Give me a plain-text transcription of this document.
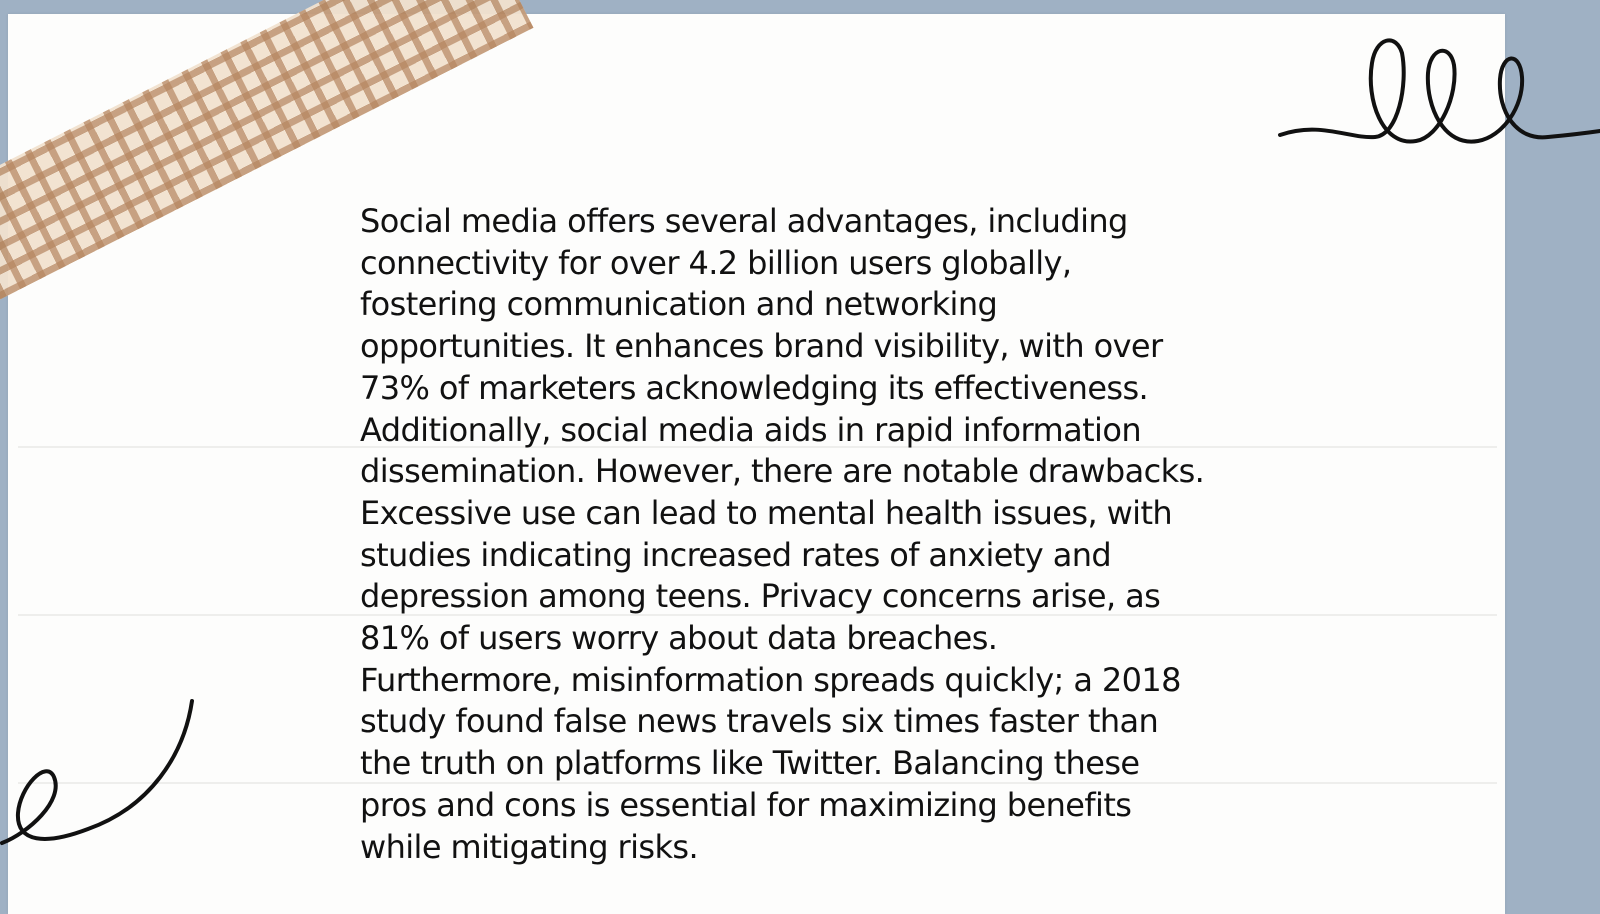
Social media offers several advantages, including
connectivity for over 4.2 billion users globally,
fostering communication and networking
opportunities. It enhances brand visibility, with over
73% of marketers acknowledging its effectiveness.
Additionally, social media aids in rapid information
dissemination. However, there are notable drawbacks.
Excessive use can lead to mental health issues, with
studies indicating increased rates of anxiety and
depression among teens. Privacy concerns arise, as
81% of users worry about data breaches.
Furthermore, misinformation spreads quickly; a 2018
study found false news travels six times faster than
the truth on platforms like Twitter. Balancing these
pros and cons is essential for maximizing benefits
while mitigating risks.
